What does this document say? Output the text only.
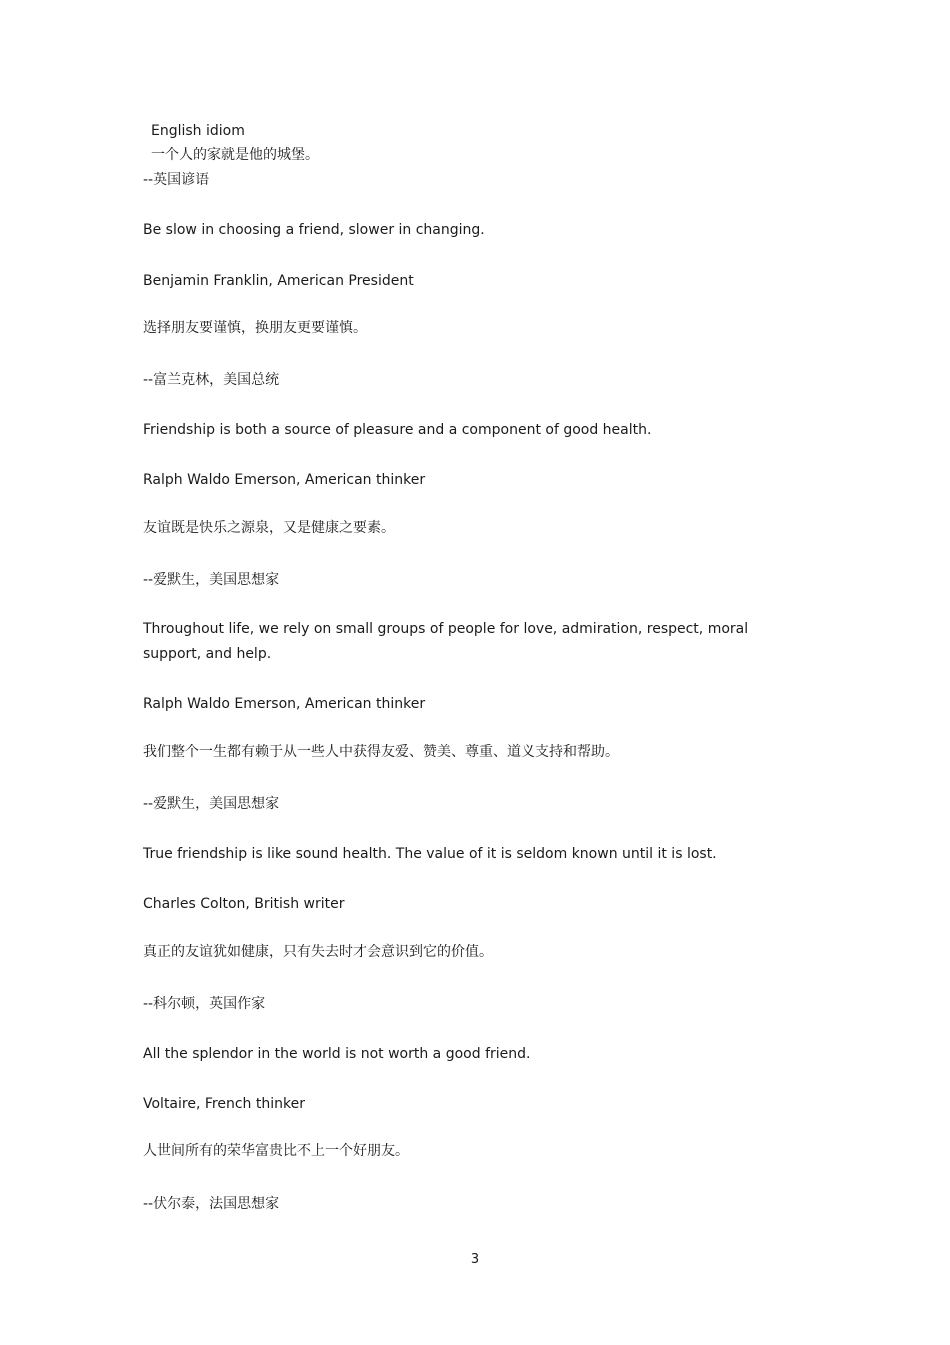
English idiom

一个人的家就是他的城堡。

--英国谚语

Be slow in choosing a friend, slower in changing.

Benjamin Franklin, American President

选择朋友要谨慎，换朋友更要谨慎。

--富兰克林，美国总统

Friendship is both a source of pleasure and a component of good health.

Ralph Waldo Emerson, American thinker

友谊既是快乐之源泉，又是健康之要素。

--爱默生，美国思想家

Throughout life, we rely on small groups of people for love, admiration, respect, moral support, and help.

Ralph Waldo Emerson, American thinker

我们整个一生都有赖于从一些人中获得友爱、赞美、尊重、道义支持和帮助。

--爱默生，美国思想家

True friendship is like sound health. The value of it is seldom known until it is lost.

Charles Colton, British writer

真正的友谊犹如健康，只有失去时才会意识到它的价值。

--科尔顿，英国作家

All the splendor in the world is not worth a good friend.

Voltaire, French thinker

人世间所有的荣华富贵比不上一个好朋友。

--伏尔泰，法国思想家

3
